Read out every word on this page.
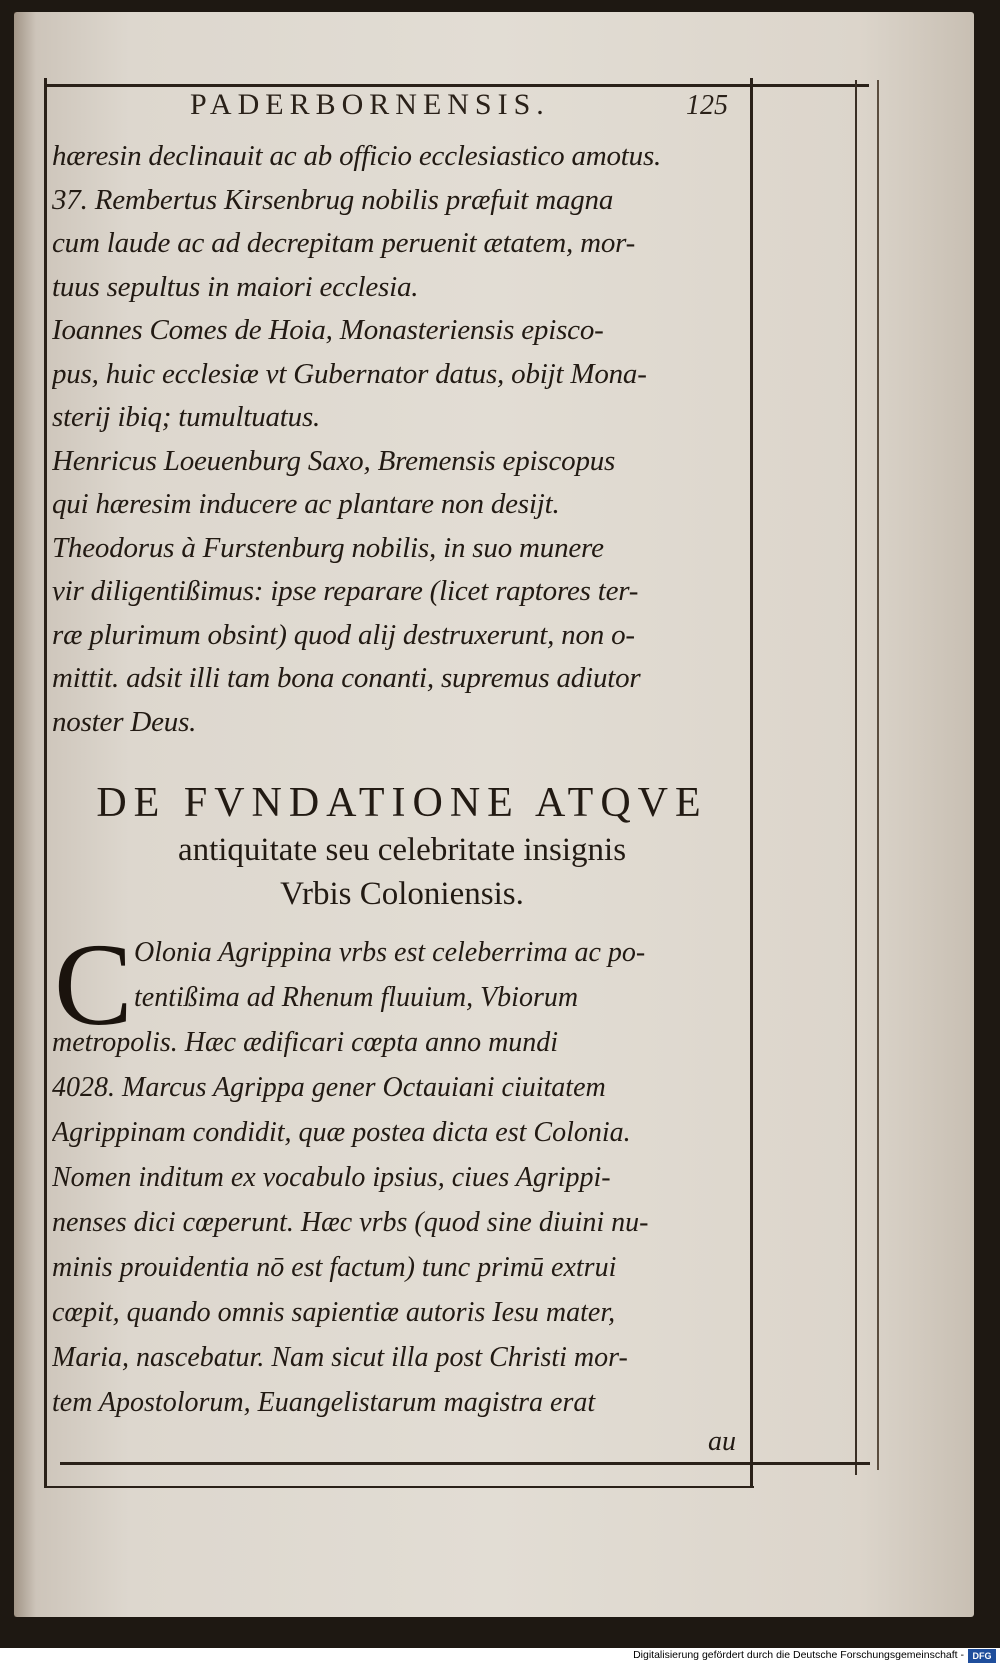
PADERBORNENSIS.	125

hæresin declinauit ac ab officio ecclesiastico amotus.

37. Rembertus Kirsenbrug nobilis præfuit magna

cum laude ac ad decrepitam peruenit ætatem, mor-

tuus sepultus in maiori ecclesia.

Ioannes Comes de Hoia, Monasteriensis episco-

pus, huic ecclesiæ vt Gubernator datus, obijt Mona-

sterij ibiq; tumultuatus.

Henricus Loeuenburg Saxo, Bremensis episcopus

qui hæresim inducere ac plantare non desijt.

Theodorus à Furstenburg nobilis, in suo munere

vir diligentißimus: ipse reparare (licet raptores ter-

ræ plurimum obsint) quod alij destruxerunt, non o-

mittit. adsit illi tam bona conanti, supremus adiutor

noster Deus.

DE FVNDATIONE ATQVE
antiquitate seu celebritate insignis
Vrbis Coloniensis.
C Olonia Agrippina vrbs est celeberrima ac po-

tentißima ad Rhenum fluuium, Vbiorum

metropolis. Hæc ædificari cœpta anno mundi

4028. Marcus Agrippa gener Octauiani ciuitatem

Agrippinam condidit, quæ postea dicta est Colonia.

Nomen inditum ex vocabulo ipsius, ciues Agrippi-

nenses dici cœperunt. Hæc vrbs (quod sine diuini nu-

minis prouidentia nō est factum) tunc primū extrui

cœpit, quando omnis sapientiæ autoris Iesu mater,

Maria, nascebatur. Nam sicut illa post Christi mor-

tem Apostolorum, Euangelistarum magistra erat

au
Digitalisierung gefördert durch die Deutsche Forschungsgemeinschaft - DFG
